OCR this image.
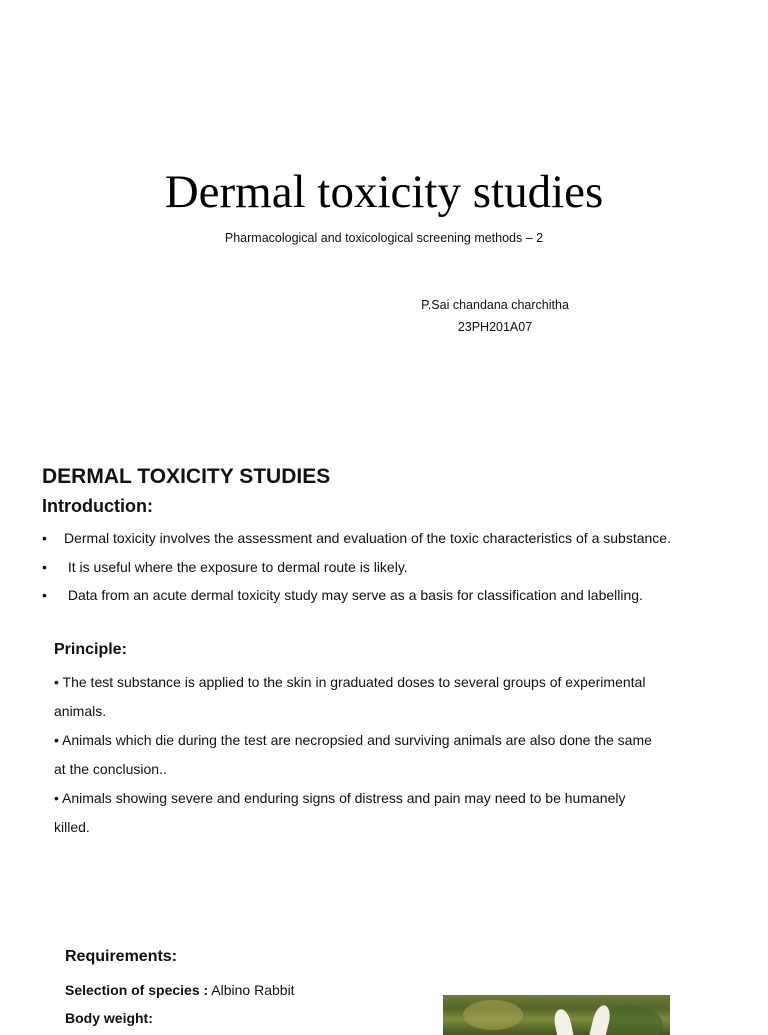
Dermal toxicity studies
Pharmacological and toxicological screening methods – 2
P.Sai chandana charchitha
23PH201A07
DERMAL TOXICITY STUDIES
Introduction:
• Dermal toxicity involves the assessment and evaluation of the toxic characteristics of a substance.
• It is useful where the exposure to dermal route is likely.
• Data from an acute dermal toxicity study may serve as a basis for classification and labelling.
Principle:

• The test substance is applied to the skin in graduated doses to several groups of experimental animals.

• Animals which die during the test are necropsied and surviving animals are also done the same at the conclusion..

• Animals showing severe and enduring signs of distress and pain may need to be humanely killed.

Requirements:
Selection of species : Albino Rabbit
Body weight:
